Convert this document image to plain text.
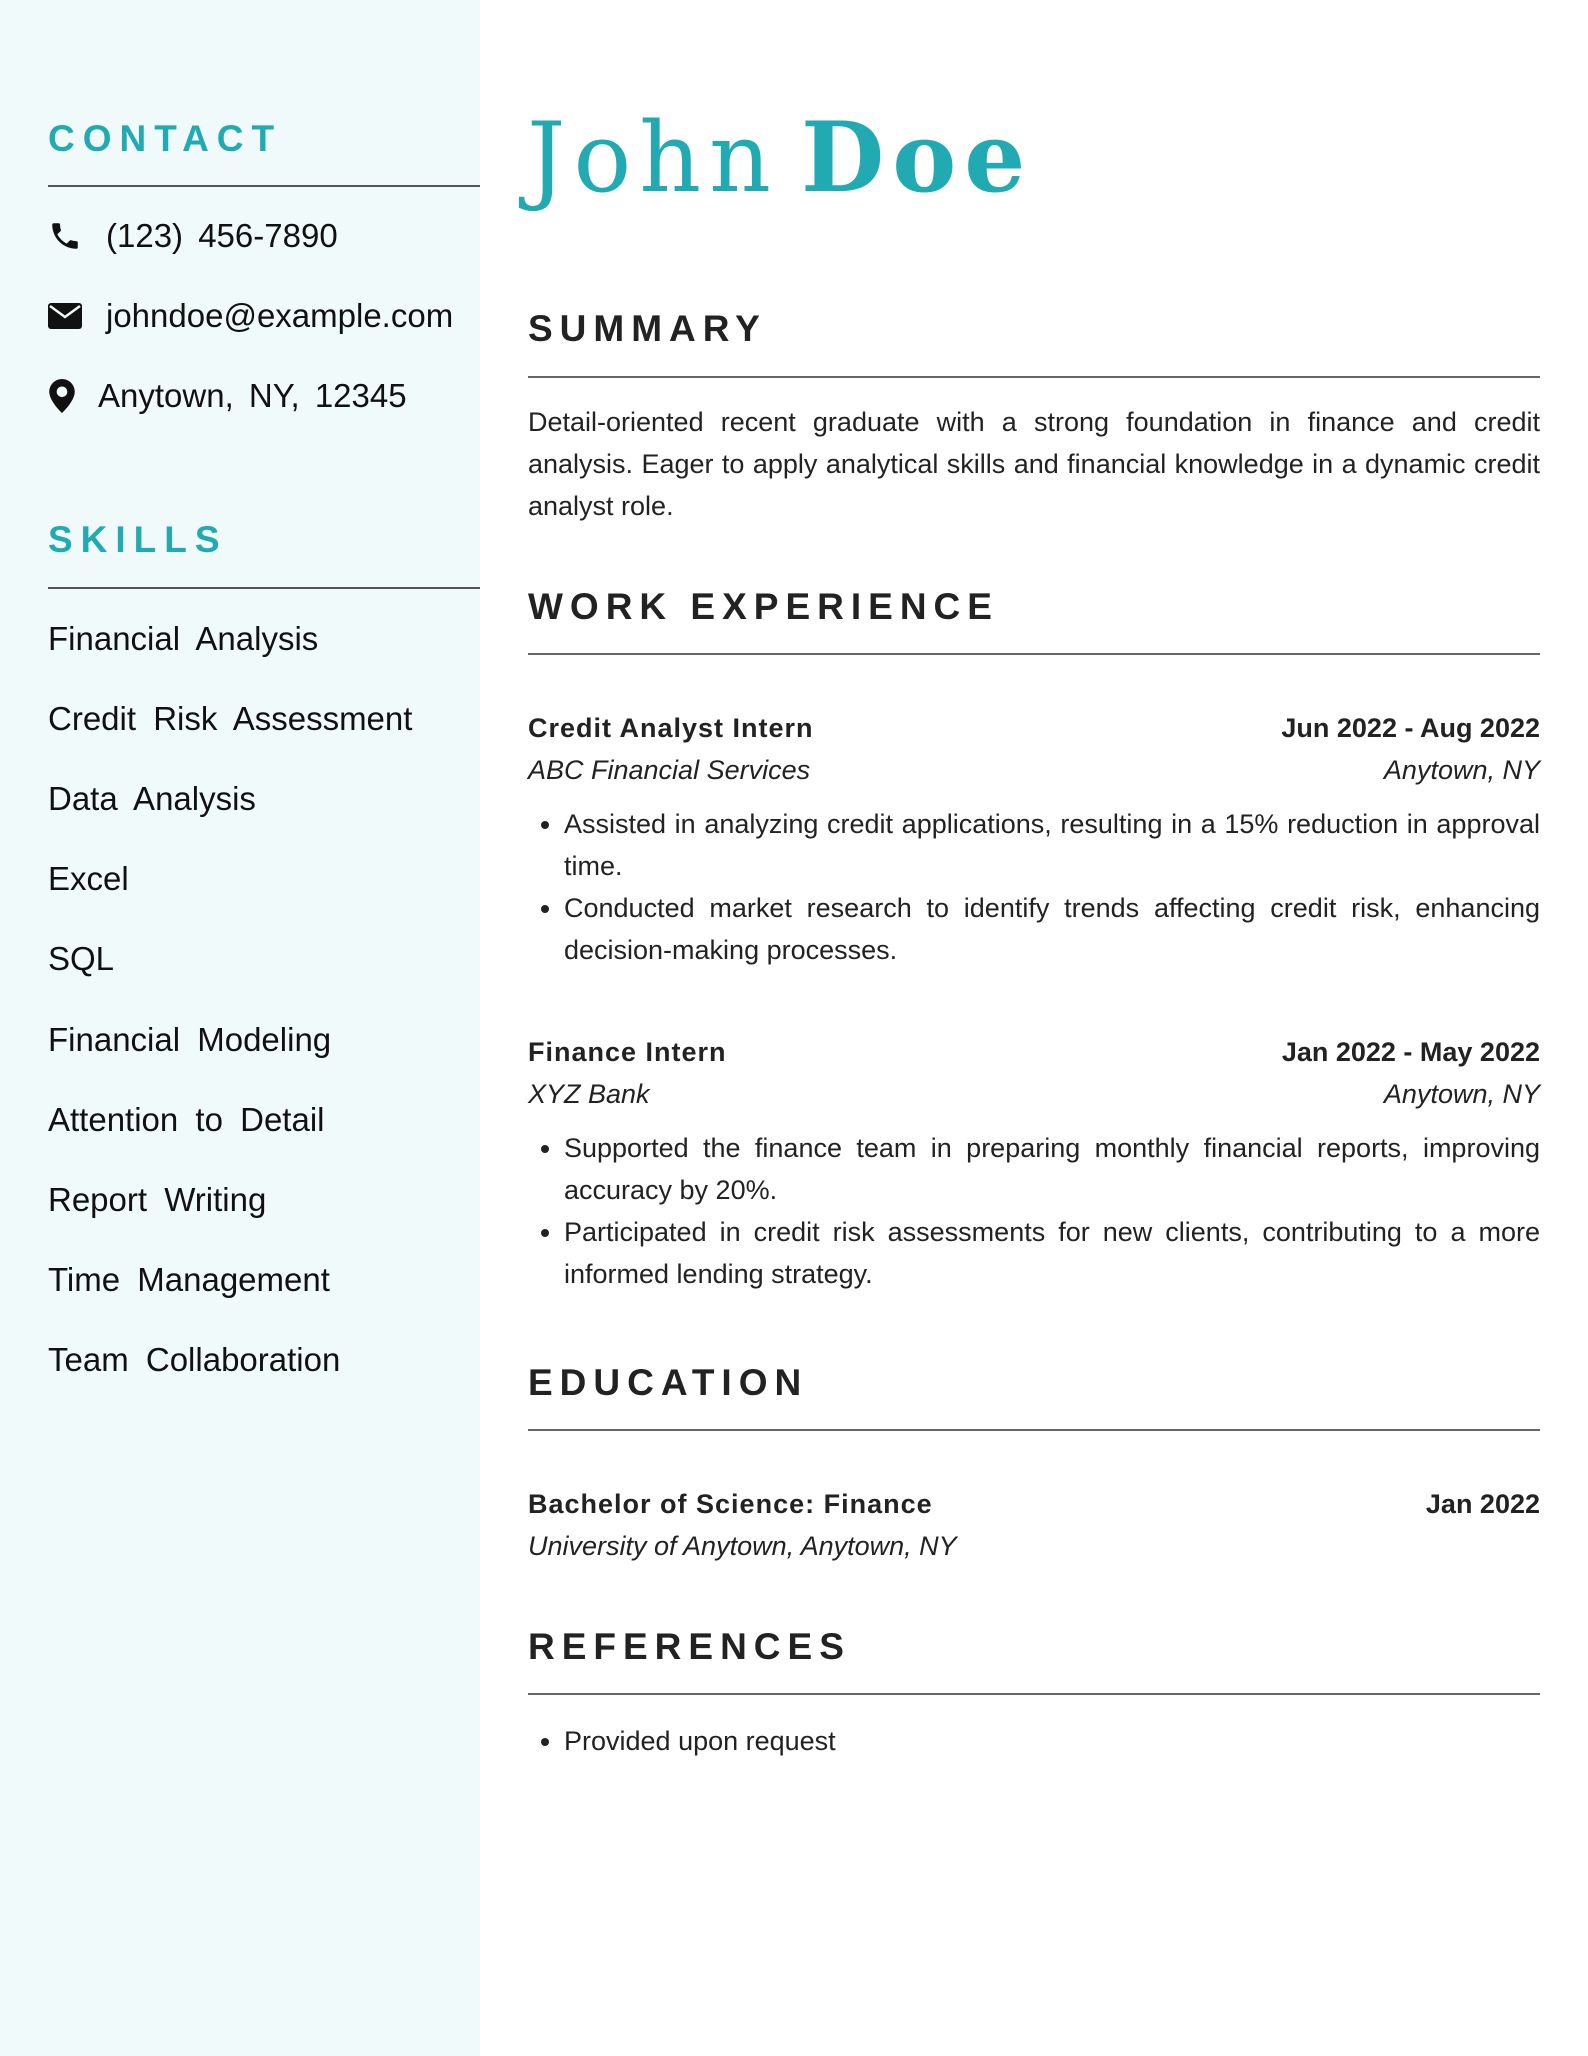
CONTACT
(123) 456-7890
johndoe@example.com
Anytown, NY, 12345
SKILLS
Financial Analysis
Credit Risk Assessment
Data Analysis
Excel
SQL
Financial Modeling
Attention to Detail
Report Writing
Time Management
Team Collaboration
John Doe
SUMMARY
Detail-oriented recent graduate with a strong foundation in finance and credit analysis. Eager to apply analytical skills and financial knowledge in a dynamic credit analyst role.
WORK EXPERIENCE
Credit Analyst Intern	Jun 2022 - Aug 2022
ABC Financial Services	Anytown, NY
• Assisted in analyzing credit applications, resulting in a 15% reduction in approval time.
• Conducted market research to identify trends affecting credit risk, enhancing decision-making processes.
Finance Intern	Jan 2022 - May 2022
XYZ Bank	Anytown, NY
• Supported the finance team in preparing monthly financial reports, improving accuracy by 20%.
• Participated in credit risk assessments for new clients, contributing to a more informed lending strategy.
EDUCATION
Bachelor of Science: Finance	Jan 2022
University of Anytown, Anytown, NY
REFERENCES
• Provided upon request
